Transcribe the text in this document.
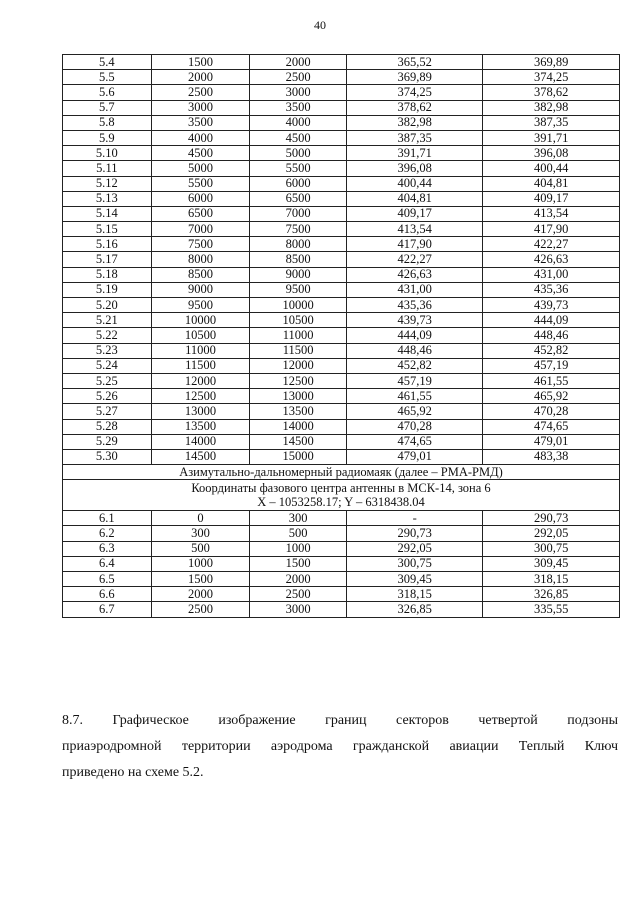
40
5.4	1500	2000	365,52	369,89
5.5	2000	2500	369,89	374,25
5.6	2500	3000	374,25	378,62
5.7	3000	3500	378,62	382,98
5.8	3500	4000	382,98	387,35
5.9	4000	4500	387,35	391,71
5.10	4500	5000	391,71	396,08
5.11	5000	5500	396,08	400,44
5.12	5500	6000	400,44	404,81
5.13	6000	6500	404,81	409,17
5.14	6500	7000	409,17	413,54
5.15	7000	7500	413,54	417,90
5.16	7500	8000	417,90	422,27
5.17	8000	8500	422,27	426,63
5.18	8500	9000	426,63	431,00
5.19	9000	9500	431,00	435,36
5.20	9500	10000	435,36	439,73
5.21	10000	10500	439,73	444,09
5.22	10500	11000	444,09	448,46
5.23	11000	11500	448,46	452,82
5.24	11500	12000	452,82	457,19
5.25	12000	12500	457,19	461,55
5.26	12500	13000	461,55	465,92
5.27	13000	13500	465,92	470,28
5.28	13500	14000	470,28	474,65
5.29	14000	14500	474,65	479,01
5.30	14500	15000	479,01	483,38
Азимутально-дальномерный радиомаяк (далее – РМА-РМД)				
Координаты фазового центра антенны в МСК-14, зона 6
X – 1053258.17; Y – 6318438.04				
6.1	0	300	-	290,73
6.2	300	500	290,73	292,05
6.3	500	1000	292,05	300,75
6.4	1000	1500	300,75	309,45
6.5	1500	2000	309,45	318,15
6.6	2000	2500	318,15	326,85
6.7	2500	3000	326,85	335,55
8.7. Графическое изображение границ секторов четвертой подзоны
приаэродромной территории аэродрома гражданской авиации Теплый Ключ
приведено на схеме 5.2.
